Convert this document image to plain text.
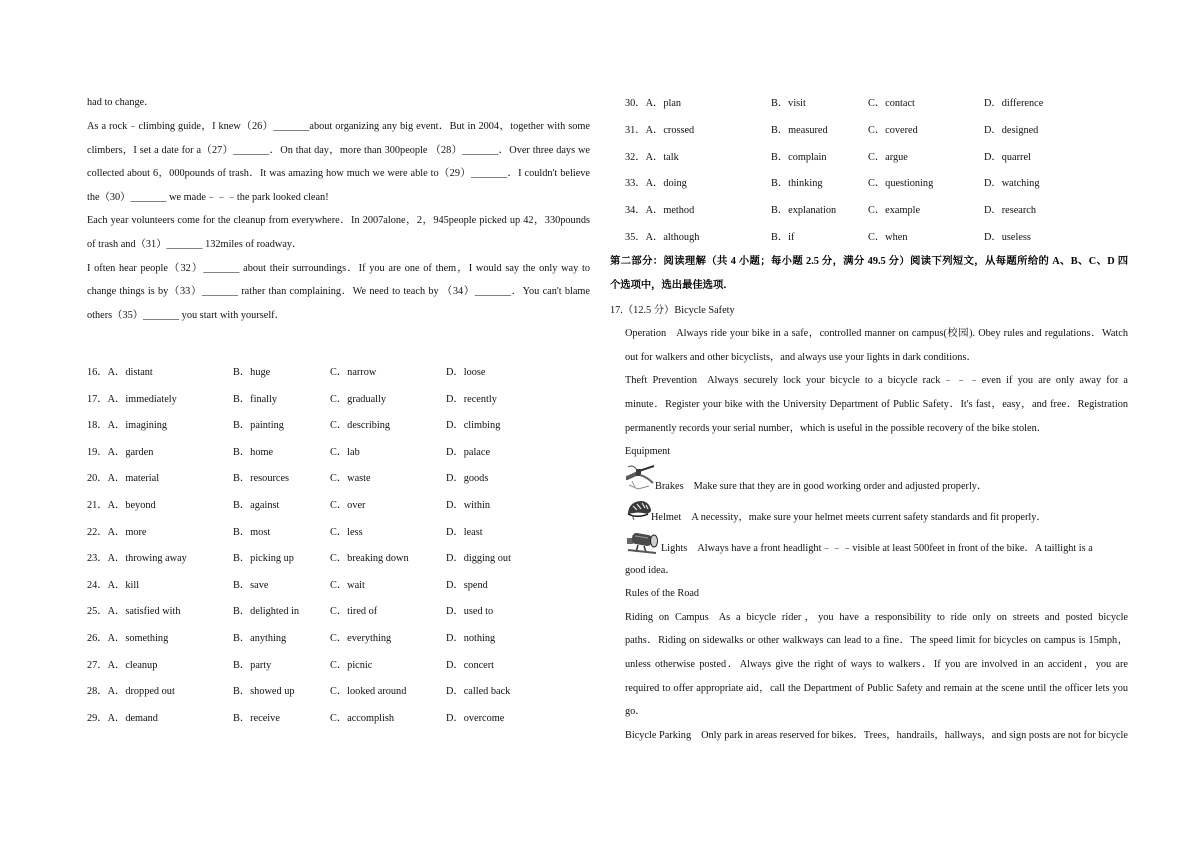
had to change．
As a rock﹣climbing guide，I knew（26）_______about organizing any big event．But in 2004，together with some
climbers，I set a date for a（27）_______．On that day，more than 300people （28）_______．Over three days we
collected about 6，000pounds of trash．It was amazing how much we were able to（29）_______．I couldn't believe
the（30）_______ we made﹣﹣﹣the park looked clean!
Each year volunteers come for the cleanup from everywhere．In 2007alone，2，945people picked up 42，330pounds
of trash and（31）_______ 132miles of roadway．
I often hear people（32）_______ about their surroundings．If you are one of them，I would say the only way to
change things is by（33）_______ rather than complaining．We need to teach by （34）_______．You can't blame
others（35）_______ you start with yourself．
16．A．distant	B．huge	C．narrow	D．loose
17．A．immediately	B．finally	C．gradually	D．recently
18．A．imagining	B．painting	C．describing	D．climbing
19．A．garden	B．home	C．lab	D．palace
20．A．material	B．resources	C．waste	D．goods
21．A．beyond	B．against	C．over	D．within
22．A．more	B．most	C．less	D．least
23．A．throwing away	B．picking up	C．breaking down	D．digging out
24．A．kill	B．save	C．wait	D．spend
25．A．satisfied with	B．delighted in	C．tired of	D．used to
26．A．something	B．anything	C．everything	D．nothing
27．A．cleanup	B．party	C．picnic	D．concert
28．A．dropped out	B．showed up	C．looked around	D．called back
29．A．demand	B．receive	C．accomplish	D．overcome
30．A．plan	B．visit	C．contact	D．difference
31．A．crossed	B．measured	C．covered	D．designed
32．A．talk	B．complain	C．argue	D．quarrel
33．A．doing	B．thinking	C．questioning	D．watching
34．A．method	B．explanation	C．example	D．research
35．A．although	B．if	C．when	D．useless
第二部分：阅读理解（共 4 小题；每小题 2.5 分，满分 49.5 分）阅读下列短文，从每题所给的 A、B、C、D 四
个选项中，选出最佳选项．
17.（12.5 分）Bicycle Safety
Operation Always ride your bike in a safe，controlled manner on campus(校园). Obey rules and regulations．Watch
out for walkers and other bicyclists，and always use your lights in dark conditions．
Theft Prevention Always securely lock your bicycle to a bicycle rack﹣﹣﹣even if you are only away for a
minute．Register your bike with the University Department of Public Safety．It's fast，easy，and free．Registration
permanently records your serial number，which is useful in the possible recovery of the bike stolen．
Equipment
Brakes Make sure that they are in good working order and adjusted properly．
Helmet A necessity，make sure your helmet meets current safety standards and fit properly．
Lights Always have a front headlight﹣﹣﹣visible at least 500feet in front of the bike．A taillight is a
good idea．
Rules of the Road
Riding on Campus As a bicycle rider，you have a responsibility to ride only on streets and posted bicycle
paths．Riding on sidewalks or other walkways can lead to a fine．The speed limit for bicycles on campus is 15mph，
unless otherwise posted．Always give the right of ways to walkers．If you are involved in an accident，you are
required to offer appropriate aid，call the Department of Public Safety and remain at the scene until the officer lets you
go．
Bicycle Parking Only park in areas reserved for bikes．Trees，handrails，hallways，and sign posts are not for bicycle
